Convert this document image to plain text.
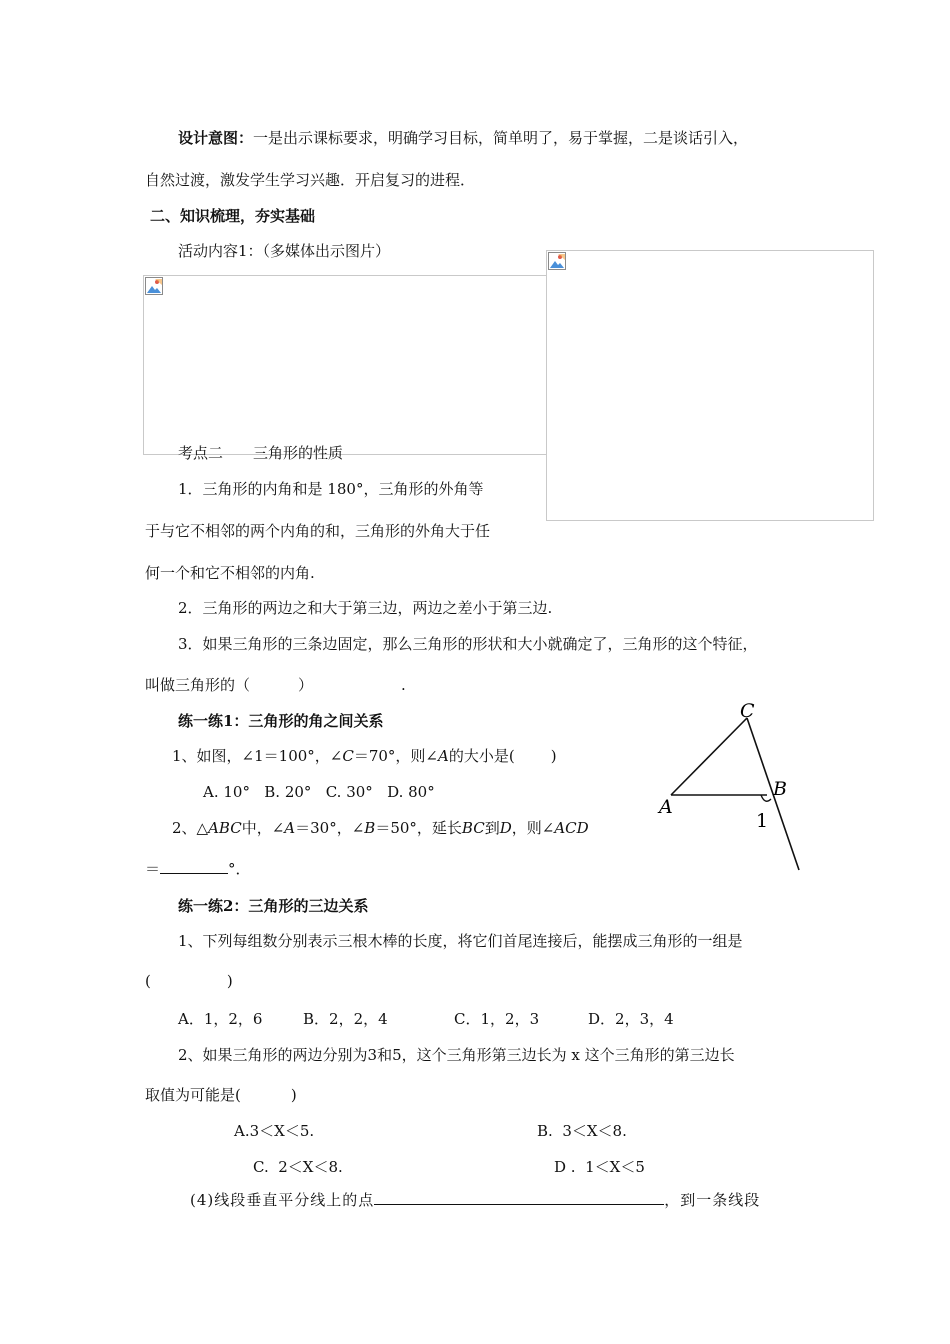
设计意图：一是出示课标要求，明确学习目标，简单明了，易于掌握，二是谈话引入，
自然过渡，激发学生学习兴趣．开启复习的进程．
二、知识梳理，夯实基础
活动内容1：（多媒体出示图片）
考点二 三角形的性质
1．三角形的内角和是 180°，三角形的外角等
于与它不相邻的两个内角的和，三角形的外角大于任
何一个和它不相邻的内角.
2．三角形的两边之和大于第三边，两边之差小于第三边.
3．如果三角形的三条边固定，那么三角形的形状和大小就确定了，三角形的这个特征，
叫做三角形的（	）	.
练一练1：三角形的角之间关系
1、如图，∠1＝100°，∠C＝70°，则∠A的大小是( )
A. 10°   B. 20°   C. 30°   D. 80°
2、△ABC中，∠A＝30°，∠B＝50°，延长BC到D，则∠ACD
＝	°．
C
B
A
1
练一练2：三角形的三边关系
1、下列每组数分别表示三根木棒的长度，将它们首尾连接后，能摆成三角形的一组是
(	)
A．1，2，6	B．2，2，4	C．1，2，3	D．2，3，4
2、如果三角形的两边分别为3和5，这个三角形第三边长为 x 这个三角形的第三边长
取值为可能是(	)
A.3＜X＜5.	B.  3＜X＜8.
C.  2＜X＜8.	D .  1＜X＜5
(4)线段垂直平分线上的点	，到一条线段
